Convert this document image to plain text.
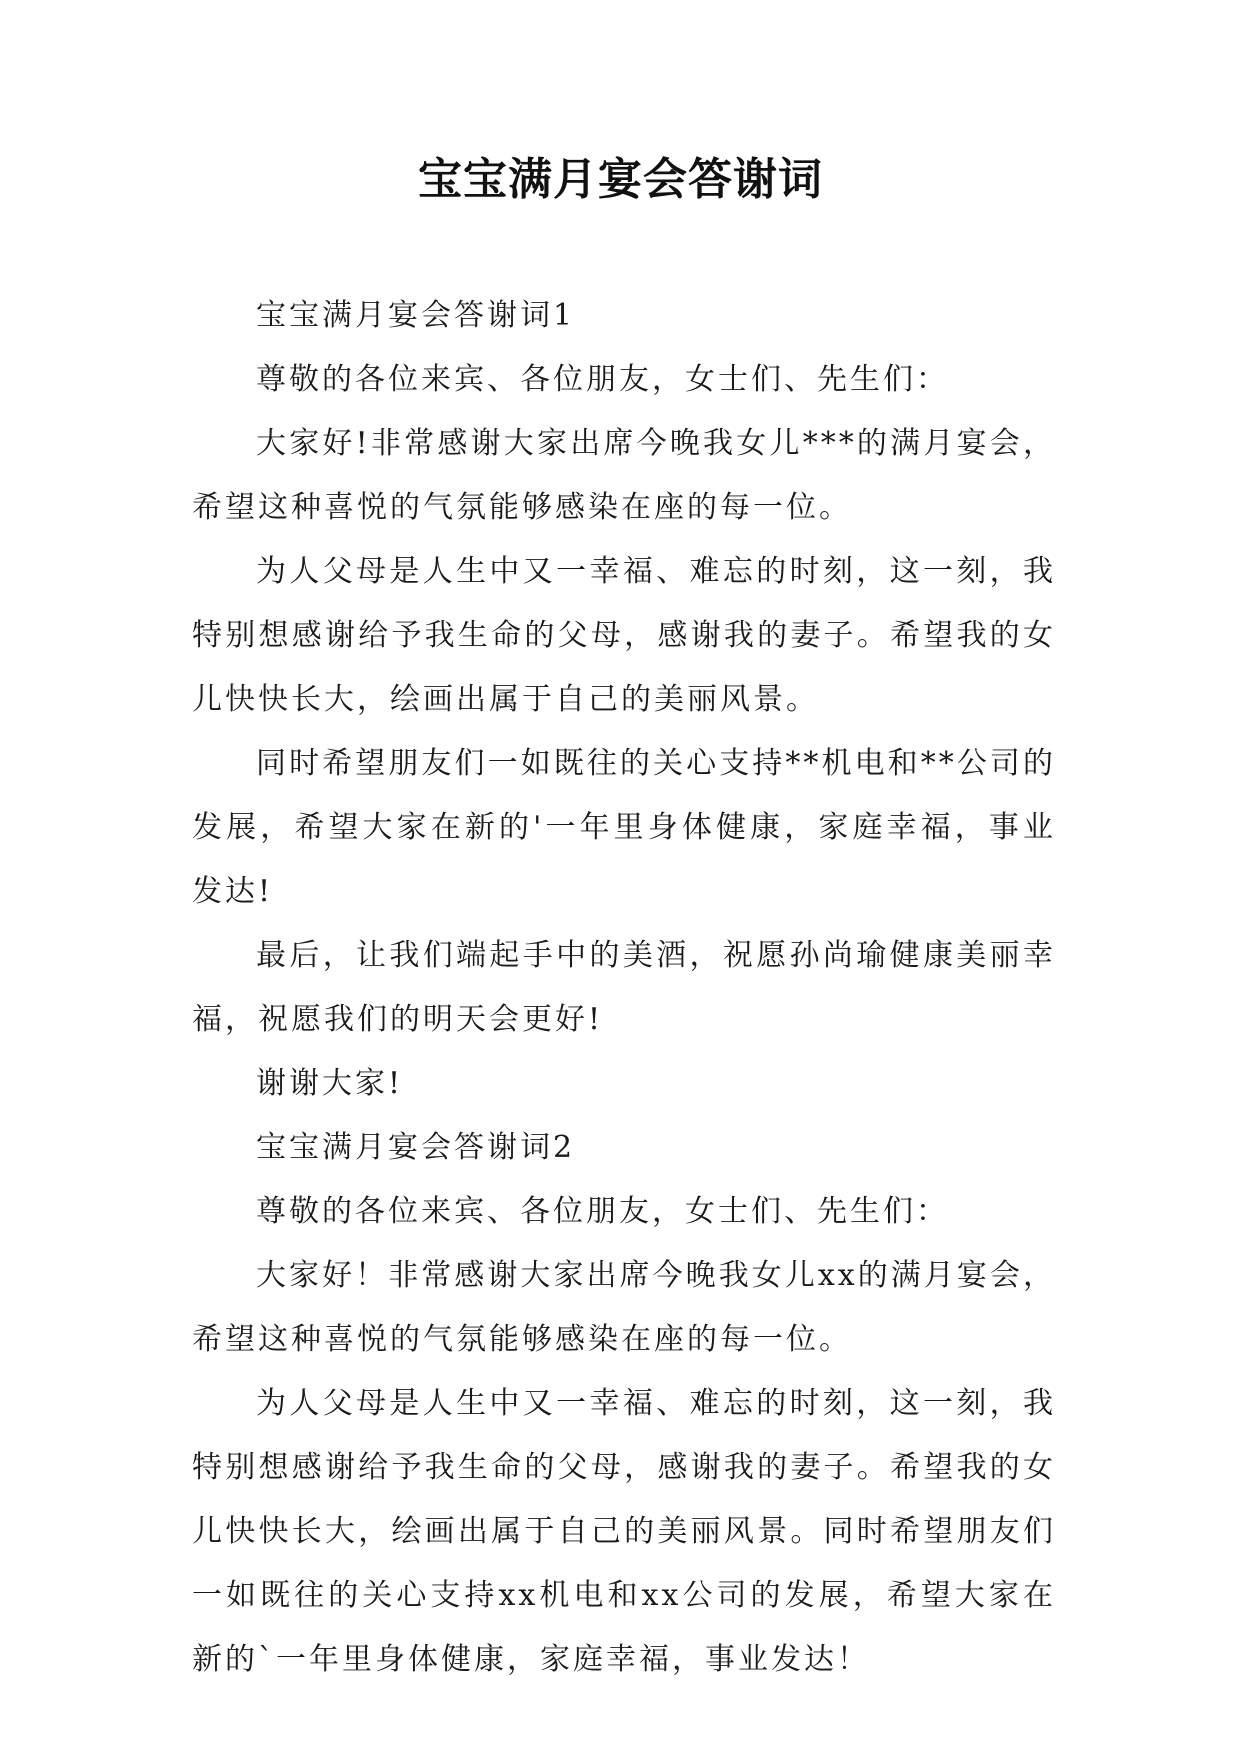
宝宝满月宴会答谢词

宝宝满月宴会答谢词1

尊敬的各位来宾、各位朋友，女士们、先生们：

大家好!非常感谢大家出席今晚我女儿***的满月宴会，希望这种喜悦的气氛能够感染在座的每一位。

为人父母是人生中又一幸福、难忘的时刻，这一刻，我特别想感谢给予我生命的父母，感谢我的妻子。希望我的女儿快快长大，绘画出属于自己的美丽风景。

同时希望朋友们一如既往的关心支持**机电和**公司的发展，希望大家在新的'一年里身体健康，家庭幸福，事业发达!

最后，让我们端起手中的美酒，祝愿孙尚瑜健康美丽幸福，祝愿我们的明天会更好!

谢谢大家!

宝宝满月宴会答谢词2

尊敬的各位来宾、各位朋友，女士们、先生们：

大家好！非常感谢大家出席今晚我女儿xx的满月宴会，希望这种喜悦的气氛能够感染在座的每一位。

为人父母是人生中又一幸福、难忘的时刻，这一刻，我特别想感谢给予我生命的父母，感谢我的妻子。希望我的女儿快快长大，绘画出属于自己的美丽风景。同时希望朋友们一如既往的关心支持xx机电和xx公司的发展，希望大家在新的`一年里身体健康，家庭幸福，事业发达！
